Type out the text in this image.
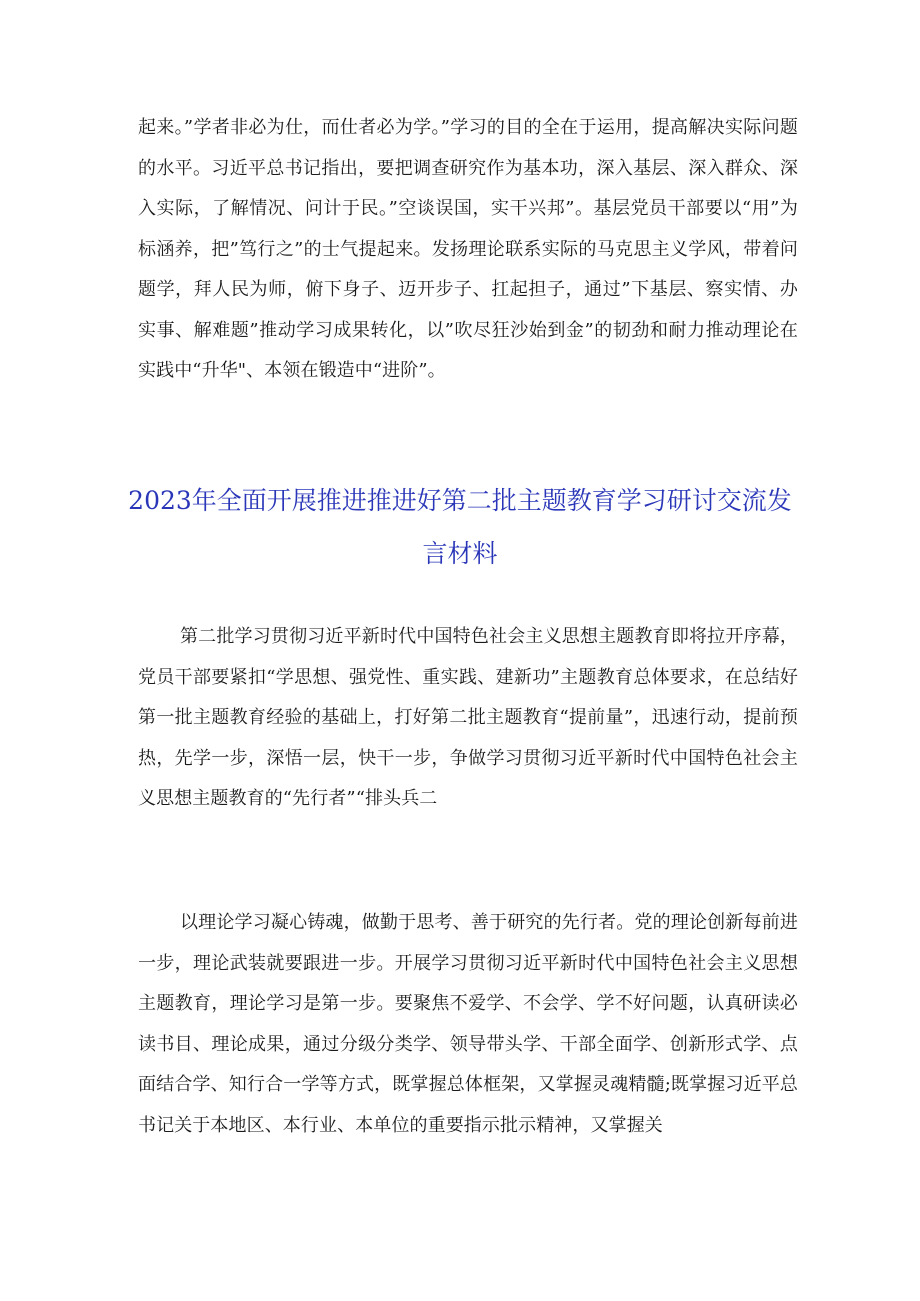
起来。”学者非必为仕，而仕者必为学。”学习的目的全在于运用，提高解决实际问题的水平。习近平总书记指出，要把调查研究作为基本功，深入基层、深入群众、深入实际，了解情况、问计于民。”空谈误国，实干兴邦”。基层党员干部要以“用”为标涵养，把”笃行之”的士气提起来。发扬理论联系实际的马克思主义学风，带着问题学，拜人民为师，俯下身子、迈开步子、扛起担子，通过”下基层、察实情、办实事、解难题”推动学习成果转化，以”吹尽狂沙始到金”的韧劲和耐力推动理论在实践中“升华"、本领在锻造中“进阶”。

2023年全面开展推进推进好第二批主题教育学习研讨交流发言材料

第二批学习贯彻习近平新时代中国特色社会主义思想主题教育即将拉开序幕，党员干部要紧扣“学思想、强党性、重实践、建新功”主题教育总体要求，在总结好第一批主题教育经验的基础上，打好第二批主题教育“提前量”，迅速行动，提前预热，先学一步，深悟一层，快干一步，争做学习贯彻习近平新时代中国特色社会主义思想主题教育的“先行者”“排头兵二

以理论学习凝心铸魂，做勤于思考、善于研究的先行者。党的理论创新每前进一步，理论武装就要跟进一步。开展学习贯彻习近平新时代中国特色社会主义思想主题教育，理论学习是第一步。要聚焦不爱学、不会学、学不好问题，认真研读必读书目、理论成果，通过分级分类学、领导带头学、干部全面学、创新形式学、点面结合学、知行合一学等方式，既掌握总体框架，又掌握灵魂精髓;既掌握习近平总书记关于本地区、本行业、本单位的重要指示批示精神，又掌握关
